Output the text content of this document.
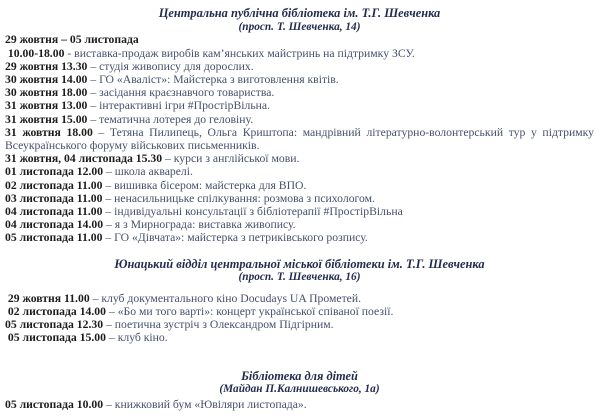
Центральна публічна бібліотека ім. Т.Г. Шевченка

(просп. Т. Шевченка, 14)

29 жовтня – 05 листопада

10.00-18.00 - виставка-продаж виробів кам’янських майстринь на підтримку ЗСУ.

29 жовтня 13.30 – студія живопису для дорослих.

30 жовтня 14.00 – ГО «Аваліст»: Майстерка з виготовлення квітів.

30 жовтня 18.00 – засідання краєзнавчого товариства.

31 жовтня 13.00 – інтерактивні ігри #ПростірВільна.

31 жовтня 15.00 – тематична лотерея до геловіну.

31 жовтня 18.00 – Тетяна Пилипець, Ольга Криштопа: мандрівний літературно-волонтерський тур у підтримку Всеукраїнського форуму військових письменників.

31 жовтня, 04 листопада 15.30 – курси з англійської мови.

01 листопада 12.00 – школа акварелі.

02 листопада 11.00 – вишивка бісером: майстерка для ВПО.

03 листопада 11.00 – ненасильницьке спілкування: розмова з психологом.

04 листопада 11.00 – індивідуальні консультації з бібліотерапії #ПростірВільна

04 листопада 14.00 – я з Мирнограда: виставка живопису.

05 листопада 11.00 – ГО «Дівчата»: майстерка з петриківського розпису.

Юнацький відділ центральної міської бібліотеки ім. Т.Г. Шевченка

(просп. Т. Шевченка, 16)

29 жовтня 11.00 – клуб документального кіно Docudays UA Прометей.

02 листопада 14.00 – «Бо ми того варті»: концерт української співаної поезії.

05 листопада 12.30 – поетична зустріч з Олександром Підгірним.

05 листопада 15.00 – клуб кіно.

Бібліотека для дітей

(Майдан П.Калнишевського, 1а)

05 листопада 10.00 – книжковий бум «Ювіляри листопада».
